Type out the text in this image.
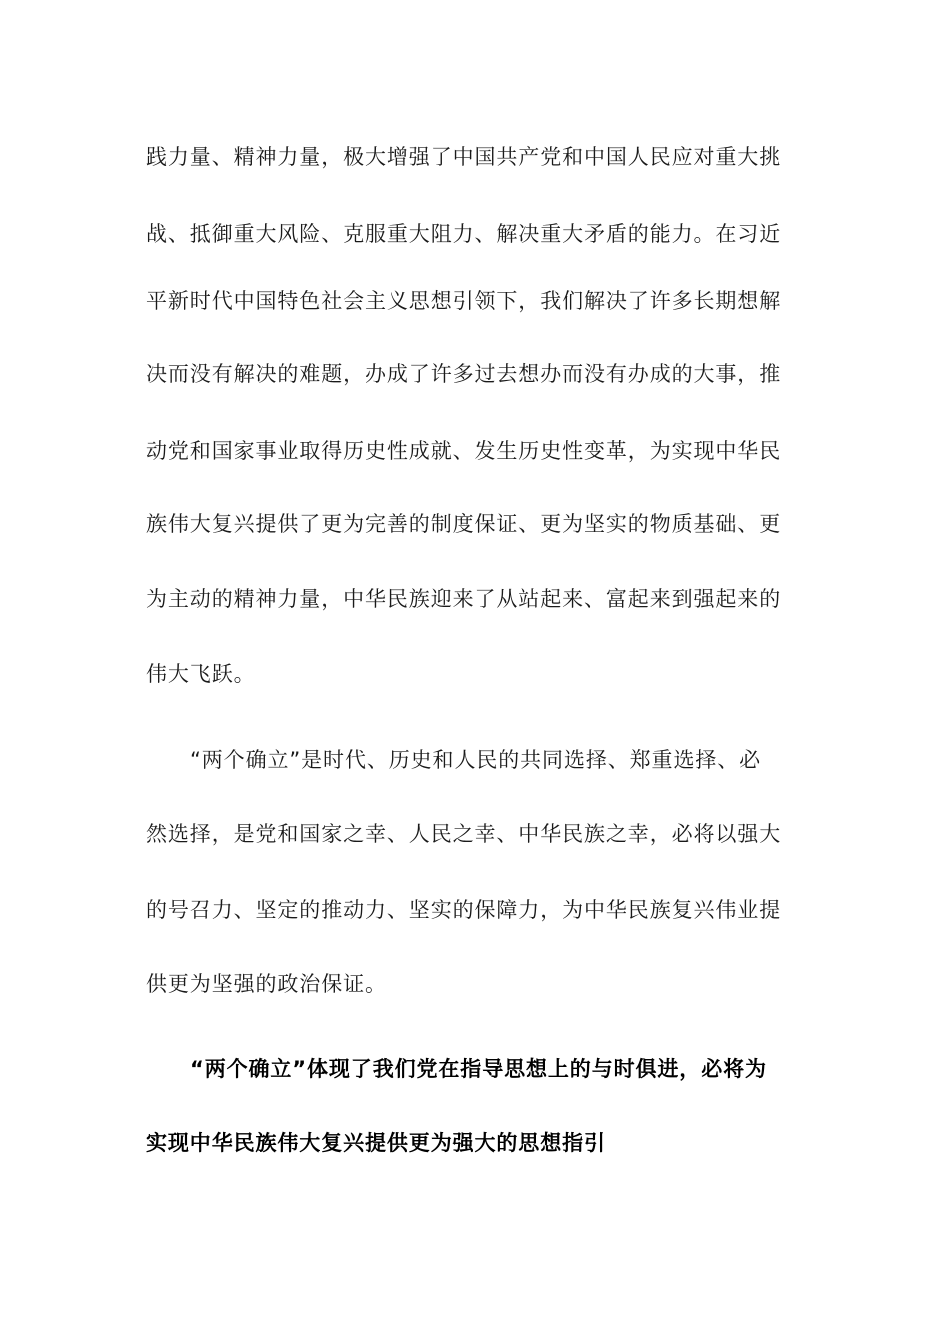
践力量、精神力量，极大增强了中国共产党和中国人民应对重大挑
战、抵御重大风险、克服重大阻力、解决重大矛盾的能力。在习近
平新时代中国特色社会主义思想引领下，我们解决了许多长期想解
决而没有解决的难题，办成了许多过去想办而没有办成的大事，推
动党和国家事业取得历史性成就、发生历史性变革，为实现中华民
族伟大复兴提供了更为完善的制度保证、更为坚实的物质基础、更
为主动的精神力量，中华民族迎来了从站起来、富起来到强起来的
伟大飞跃。
“两个确立”是时代、历史和人民的共同选择、郑重选择、必
然选择，是党和国家之幸、人民之幸、中华民族之幸，必将以强大
的号召力、坚定的推动力、坚实的保障力，为中华民族复兴伟业提
供更为坚强的政治保证。
“两个确立”体现了我们党在指导思想上的与时俱进，必将为
实现中华民族伟大复兴提供更为强大的思想指引
